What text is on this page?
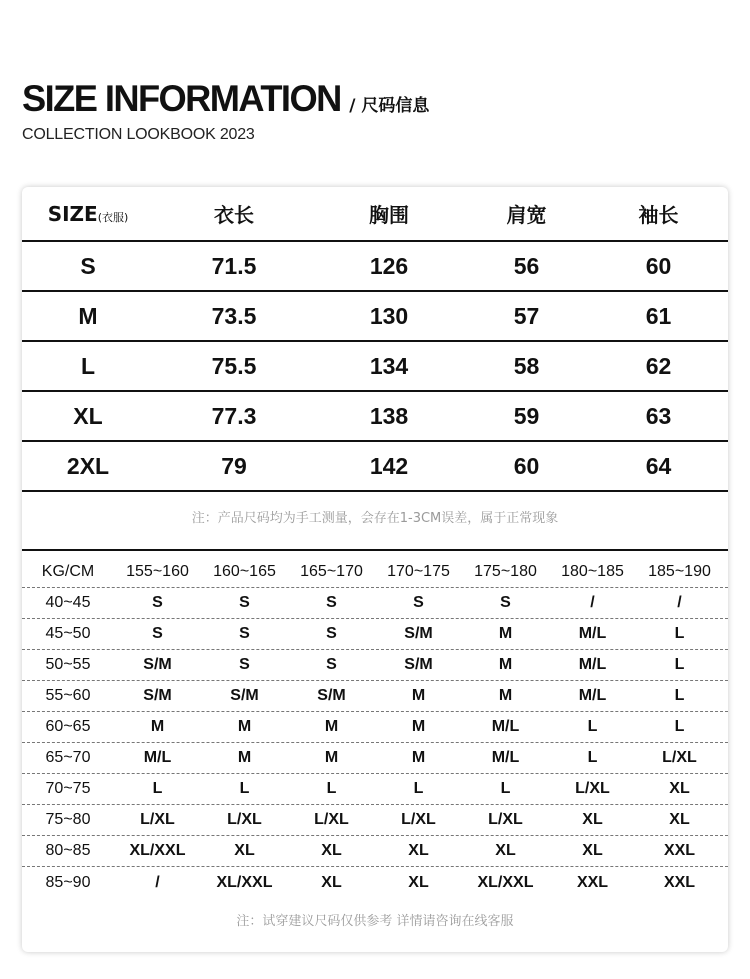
SIZE INFORMATION / 尺码信息
COLLECTION LOOKBOOK 2023
SIZE(衣服)	衣长	胸围	肩宽	袖长
S	71.5	126	56	60
M	73.5	130	57	61
L	75.5	134	58	62
XL	77.3	138	59	63
2XL	79	142	60	64
注：产品尺码均为手工测量，会存在1-3CM误差，属于正常现象
KG/CM	155~160	160~165	165~170	170~175	175~180	180~185	185~190
40~45	S	S	S	S	S	/	/
45~50	S	S	S	S/M	M	M/L	L
50~55	S/M	S	S	S/M	M	M/L	L
55~60	S/M	S/M	S/M	M	M	M/L	L
60~65	M	M	M	M	M/L	L	L
65~70	M/L	M	M	M	M/L	L	L/XL
70~75	L	L	L	L	L	L/XL	XL
75~80	L/XL	L/XL	L/XL	L/XL	L/XL	XL	XL
80~85	XL/XXL	XL	XL	XL	XL	XL	XXL
85~90	/	XL/XXL	XL	XL	XL/XXL	XXL	XXL
注：试穿建议尺码仅供参考 详情请咨询在线客服
